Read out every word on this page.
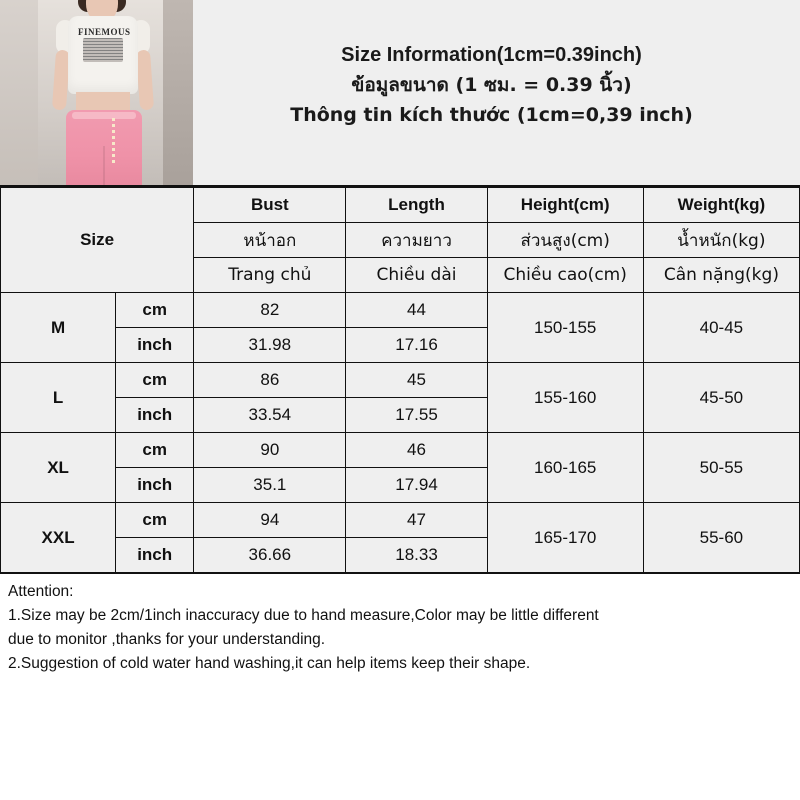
FINEMOUS
Size Information(1cm=0.39inch)
ข้อมูลขนาด (1 ซม. = 0.39 นิ้ว)
Thông tin kích thước (1cm=0,39 inch)
Size		Bust	Length	Height(cm)	Weight(kg)
		หน้าอก	ความยาว	ส่วนสูง(cm)	น้ำหนัก(kg)
		Trang chủ	Chiều dài	Chiều cao(cm)	Cân nặng(kg)
M	cm	82	44	150-155	40-45
	inch	31.98	17.16		
L	cm	86	45	155-160	45-50
	inch	33.54	17.55		
XL	cm	90	46	160-165	50-55
	inch	35.1	17.94		
XXL	cm	94	47	165-170	55-60
	inch	36.66	18.33		
Attention:
1.Size may be 2cm/1inch inaccuracy due to hand measure,Color may be little different
due to monitor ,thanks for your understanding.
2.Suggestion of cold water hand washing,it can help items keep their shape.
